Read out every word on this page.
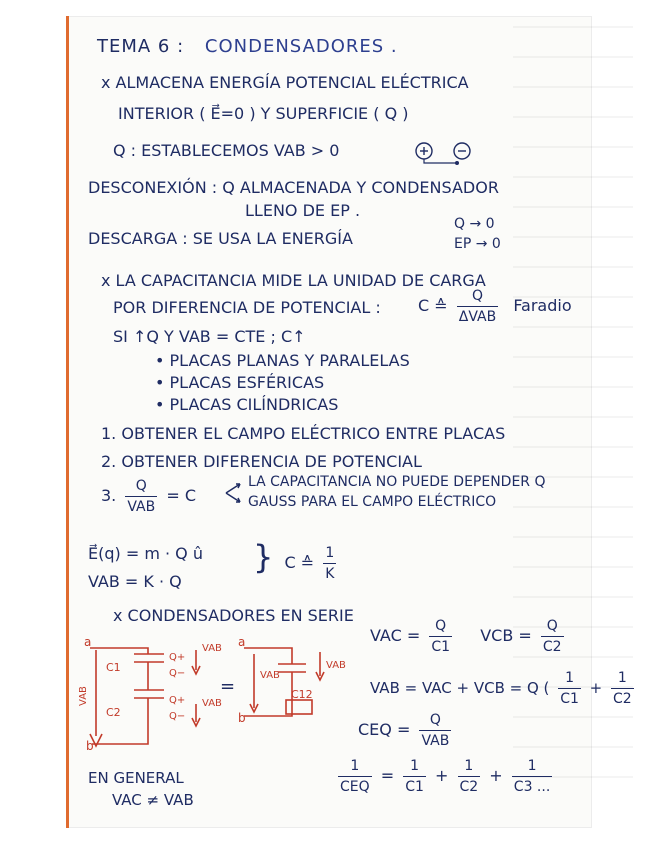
TEMA 6 : CONDENSADORES .
x ALMACENA ENERGÍA POTENCIAL ELÉCTRICA
INTERIOR ( E⃗=0 ) Y SUPERFICIE ( Q )
Q : ESTABLECEMOS VAB > 0
DESCONEXIÓN : Q ALMACENADA Y CONDENSADOR
LLENO DE EP .
DESCARGA : SE USA LA ENERGÍA
Q → 0
EP → 0
x LA CAPACITANCIA MIDE LA UNIDAD DE CARGA
POR DIFERENCIA DE POTENCIAL : C ≙ $\frac{Q}{\text{ΔVAB}}$ Faradio
SI ↑Q Y VAB = CTE ; C↑
• PLACAS PLANAS Y PARALELAS
• PLACAS ESFÉRICAS
• PLACAS CILÍNDRICAS
1. OBTENER EL CAMPO ELÉCTRICO ENTRE PLACAS
2. OBTENER DIFERENCIA DE POTENCIAL
3. $\frac{Q}{\text{VAB}} = C$
LA CAPACITANCIA NO PUEDE DEPENDER Q
GAUSS PARA EL CAMPO ELÉCTRICO
E⃗(q) = m · Q û
VAB = K · Q
} C ≙ $\frac{1}{K}$
x CONDENSADORES EN SERIE
VAC = $\frac{Q}{C1}$ VCB = $\frac{Q}{C2}$
VAB = VAC + VCB = Q ( $\frac{1}{C1} + \frac{1}{C2}$
CEQ = $\frac{Q}{\text{VAB}}$
$\frac{1}{\text{CEQ}} = \frac{1}{C1} + \frac{1}{C2} + \frac{1}{C3 ...}$
EN GENERAL
VAC ≠ VAB
a
b
C1
C2
VAB
Q+
Q−
Q+
Q−
VAB
VAB
=
a
b
VAB
C12
VAB
